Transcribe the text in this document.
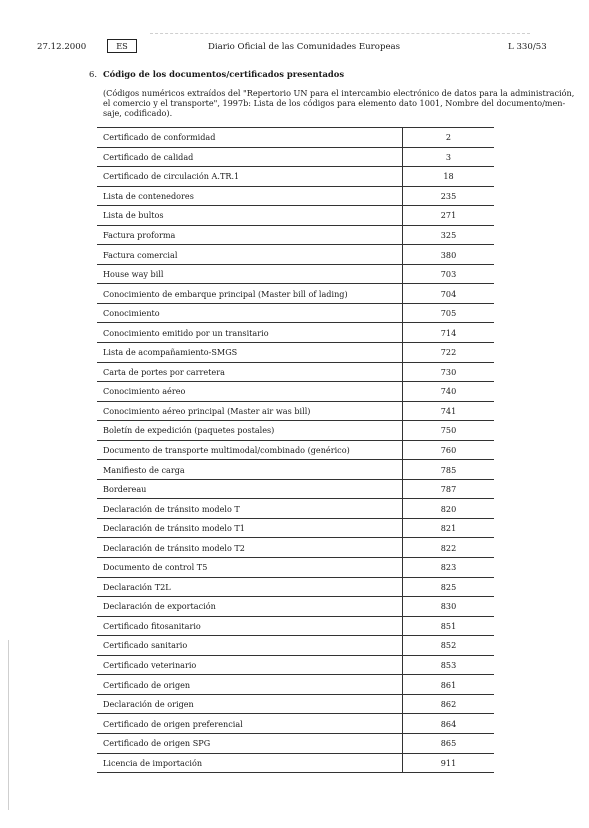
27.12.2000	ES	Diario Oficial de las Comunidades Europeas	L 330/53
6. Código de los documentos/certificados presentados
(Códigos numéricos extraídos del "Repertorio UN para el intercambio electrónico de datos para la administración,
el comercio y el transporte", 1997b: Lista de los códigos para elemento dato 1001, Nombre del documento/men-
saje, codificado).
Certificado de conformidad	2
Certificado de calidad	3
Certificado de circulación A.TR.1	18
Lista de contenedores	235
Lista de bultos	271
Factura proforma	325
Factura comercial	380
House way bill	703
Conocimiento de embarque principal (Master bill of lading)	704
Conocimiento	705
Conocimiento emitido por un transitario	714
Lista de acompañamiento-SMGS	722
Carta de portes por carretera	730
Conocimiento aéreo	740
Conocimiento aéreo principal (Master air was bill)	741
Boletín de expedición (paquetes postales)	750
Documento de transporte multimodal/combinado (genérico)	760
Manifiesto de carga	785
Bordereau	787
Declaración de tránsito modelo T	820
Declaración de tránsito modelo T1	821
Declaración de tránsito modelo T2	822
Documento de control T5	823
Declaración T2L	825
Declaración de exportación	830
Certificado fitosanitario	851
Certificado sanitario	852
Certificado veterinario	853
Certificado de origen	861
Declaración de origen	862
Certificado de origen preferencial	864
Certificado de origen SPG	865
Licencia de importación	911
